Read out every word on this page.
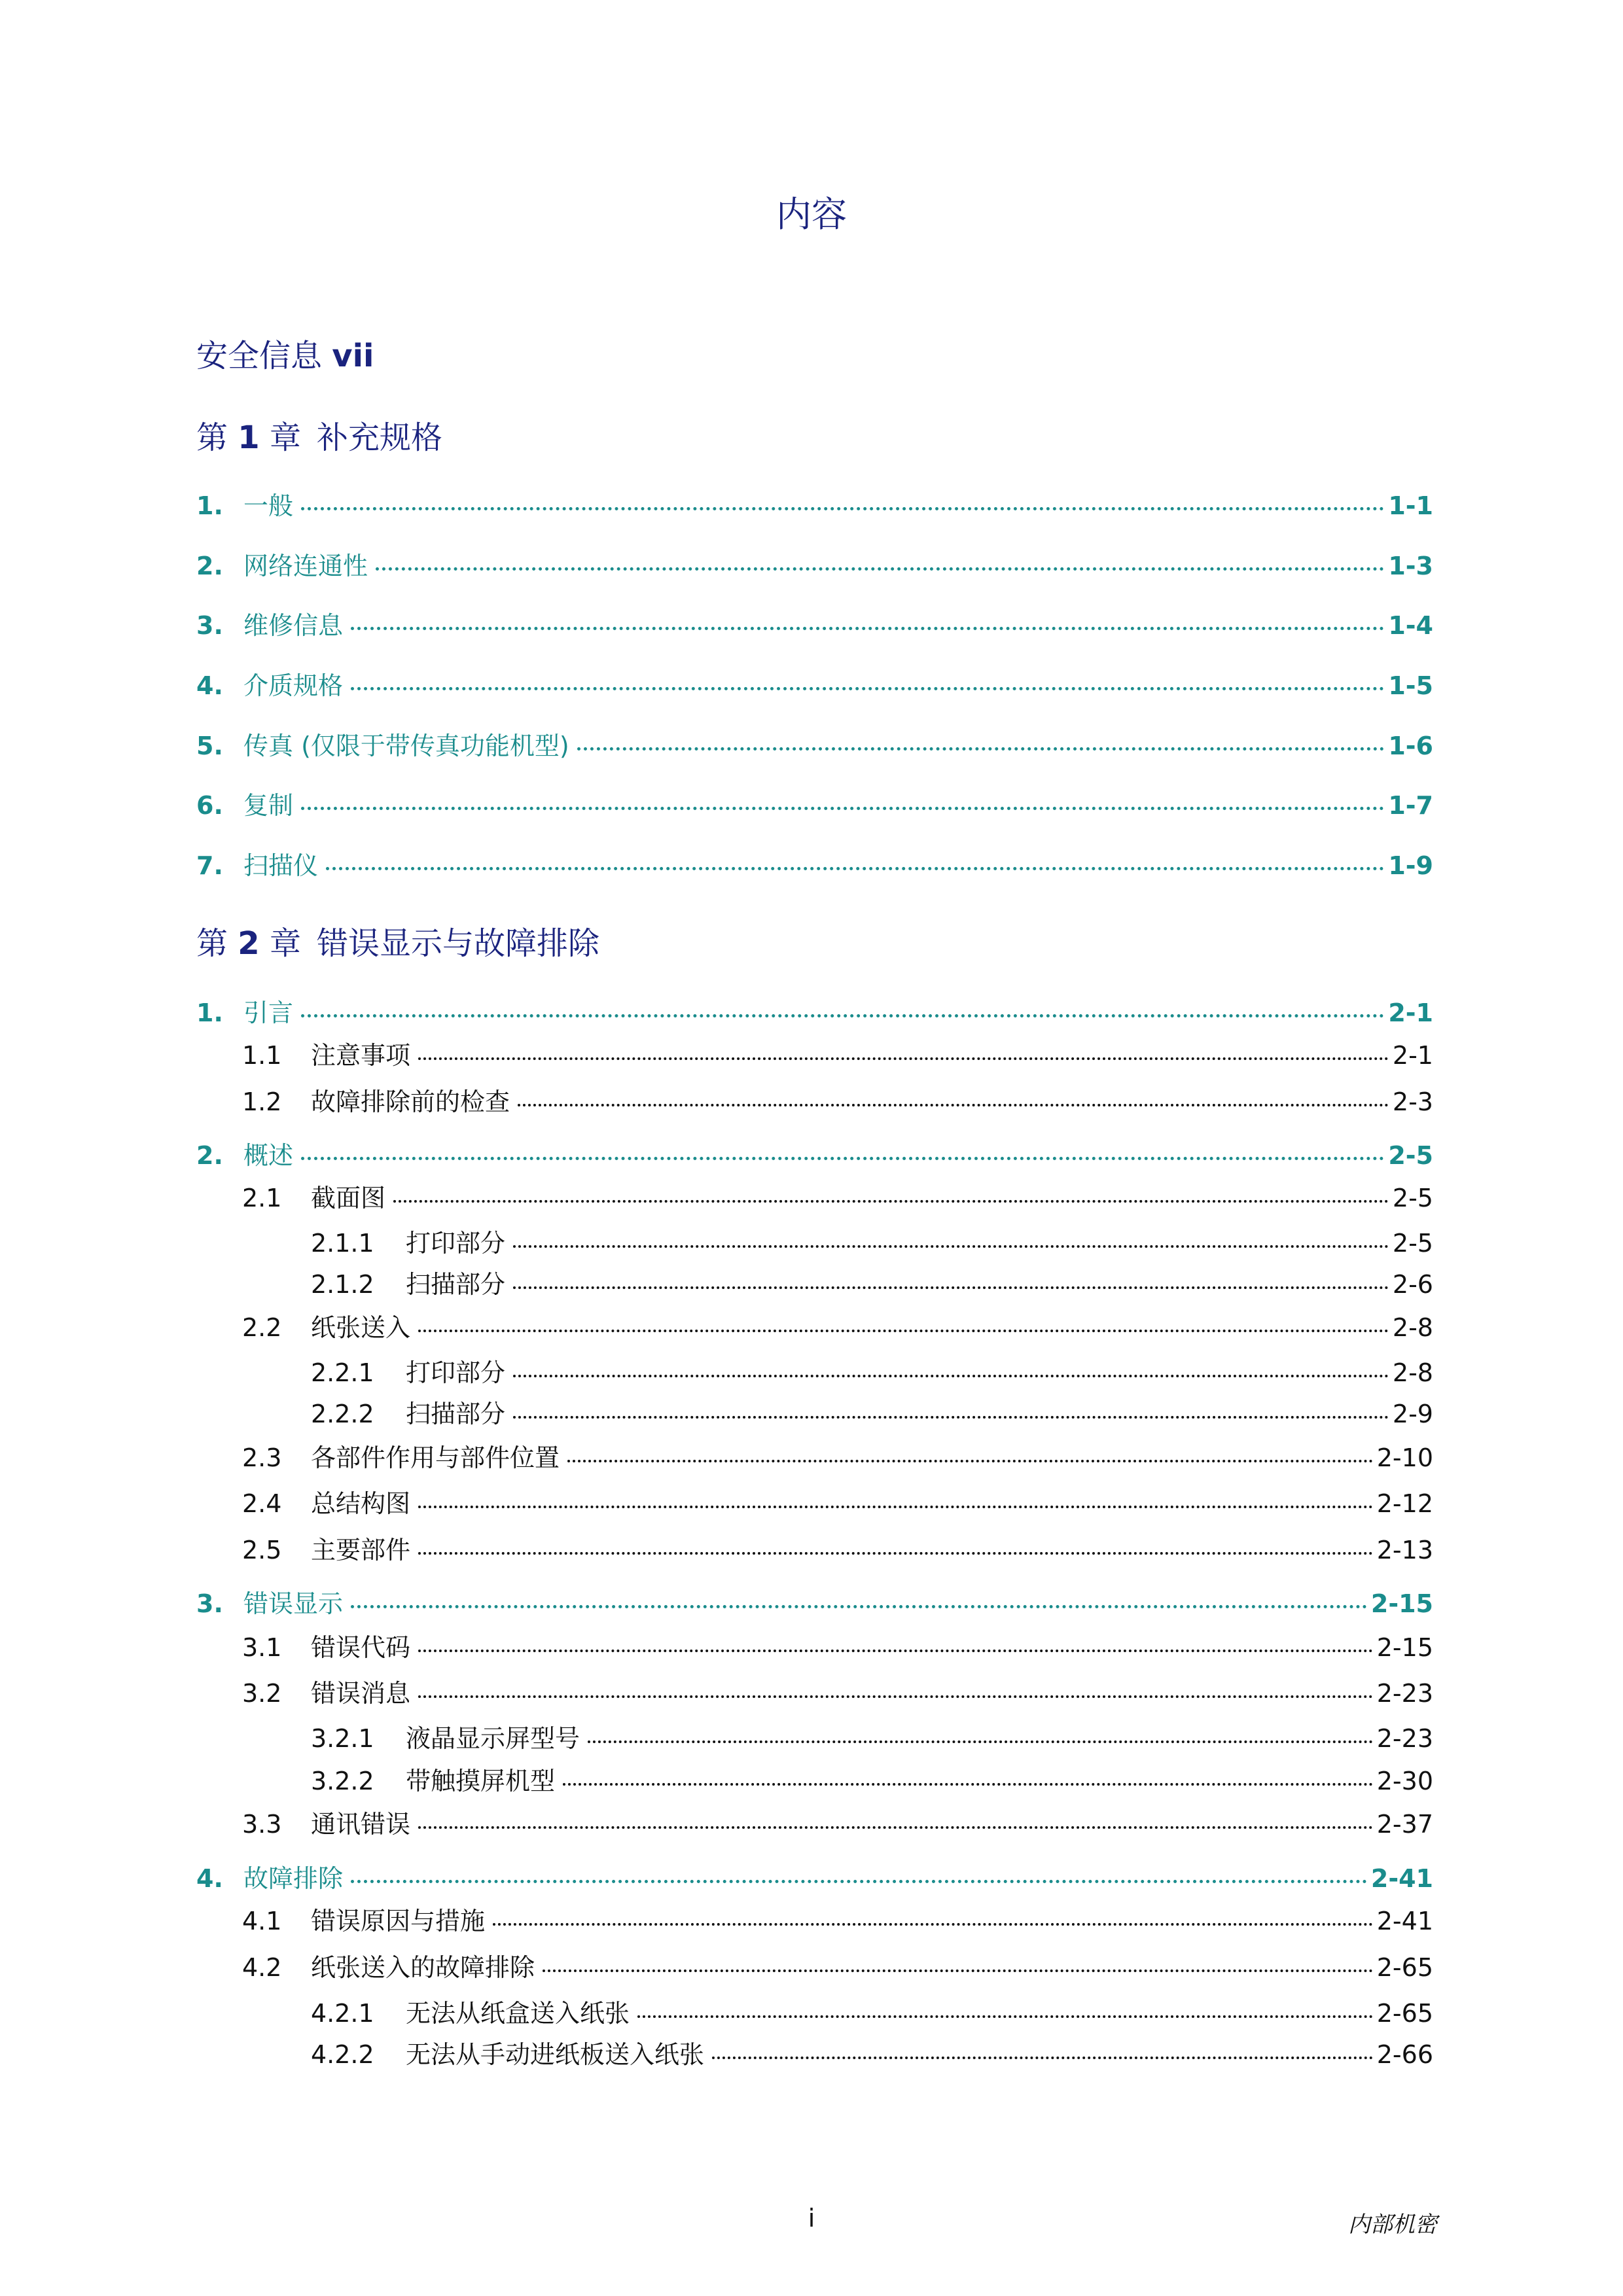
内容
安全信息 vii
第 1 章  补充规格
1. 一般	1-1
2. 网络连通性	1-3
3. 维修信息	1-4
4. 介质规格	1-5
5. 传真 (仅限于带传真功能机型)	1-6
6. 复制	1-7
7. 扫描仪	1-9
第 2 章  错误显示与故障排除
1. 引言	2-1
1.1	注意事项	2-1
1.2	故障排除前的检查	2-3
2. 概述	2-5
2.1	截面图	2-5
2.1.1	打印部分	2-5
2.1.2	扫描部分	2-6
2.2	纸张送入	2-8
2.2.1	打印部分	2-8
2.2.2	扫描部分	2-9
2.3	各部件作用与部件位置	2-10
2.4	总结构图	2-12
2.5	主要部件	2-13
3. 错误显示	2-15
3.1	错误代码	2-15
3.2	错误消息	2-23
3.2.1	液晶显示屏型号	2-23
3.2.2	带触摸屏机型	2-30
3.3	通讯错误	2-37
4. 故障排除	2-41
4.1	错误原因与措施	2-41
4.2	纸张送入的故障排除	2-65
4.2.1	无法从纸盒送入纸张	2-65
4.2.2	无法从手动进纸板送入纸张	2-66
i	内部机密
